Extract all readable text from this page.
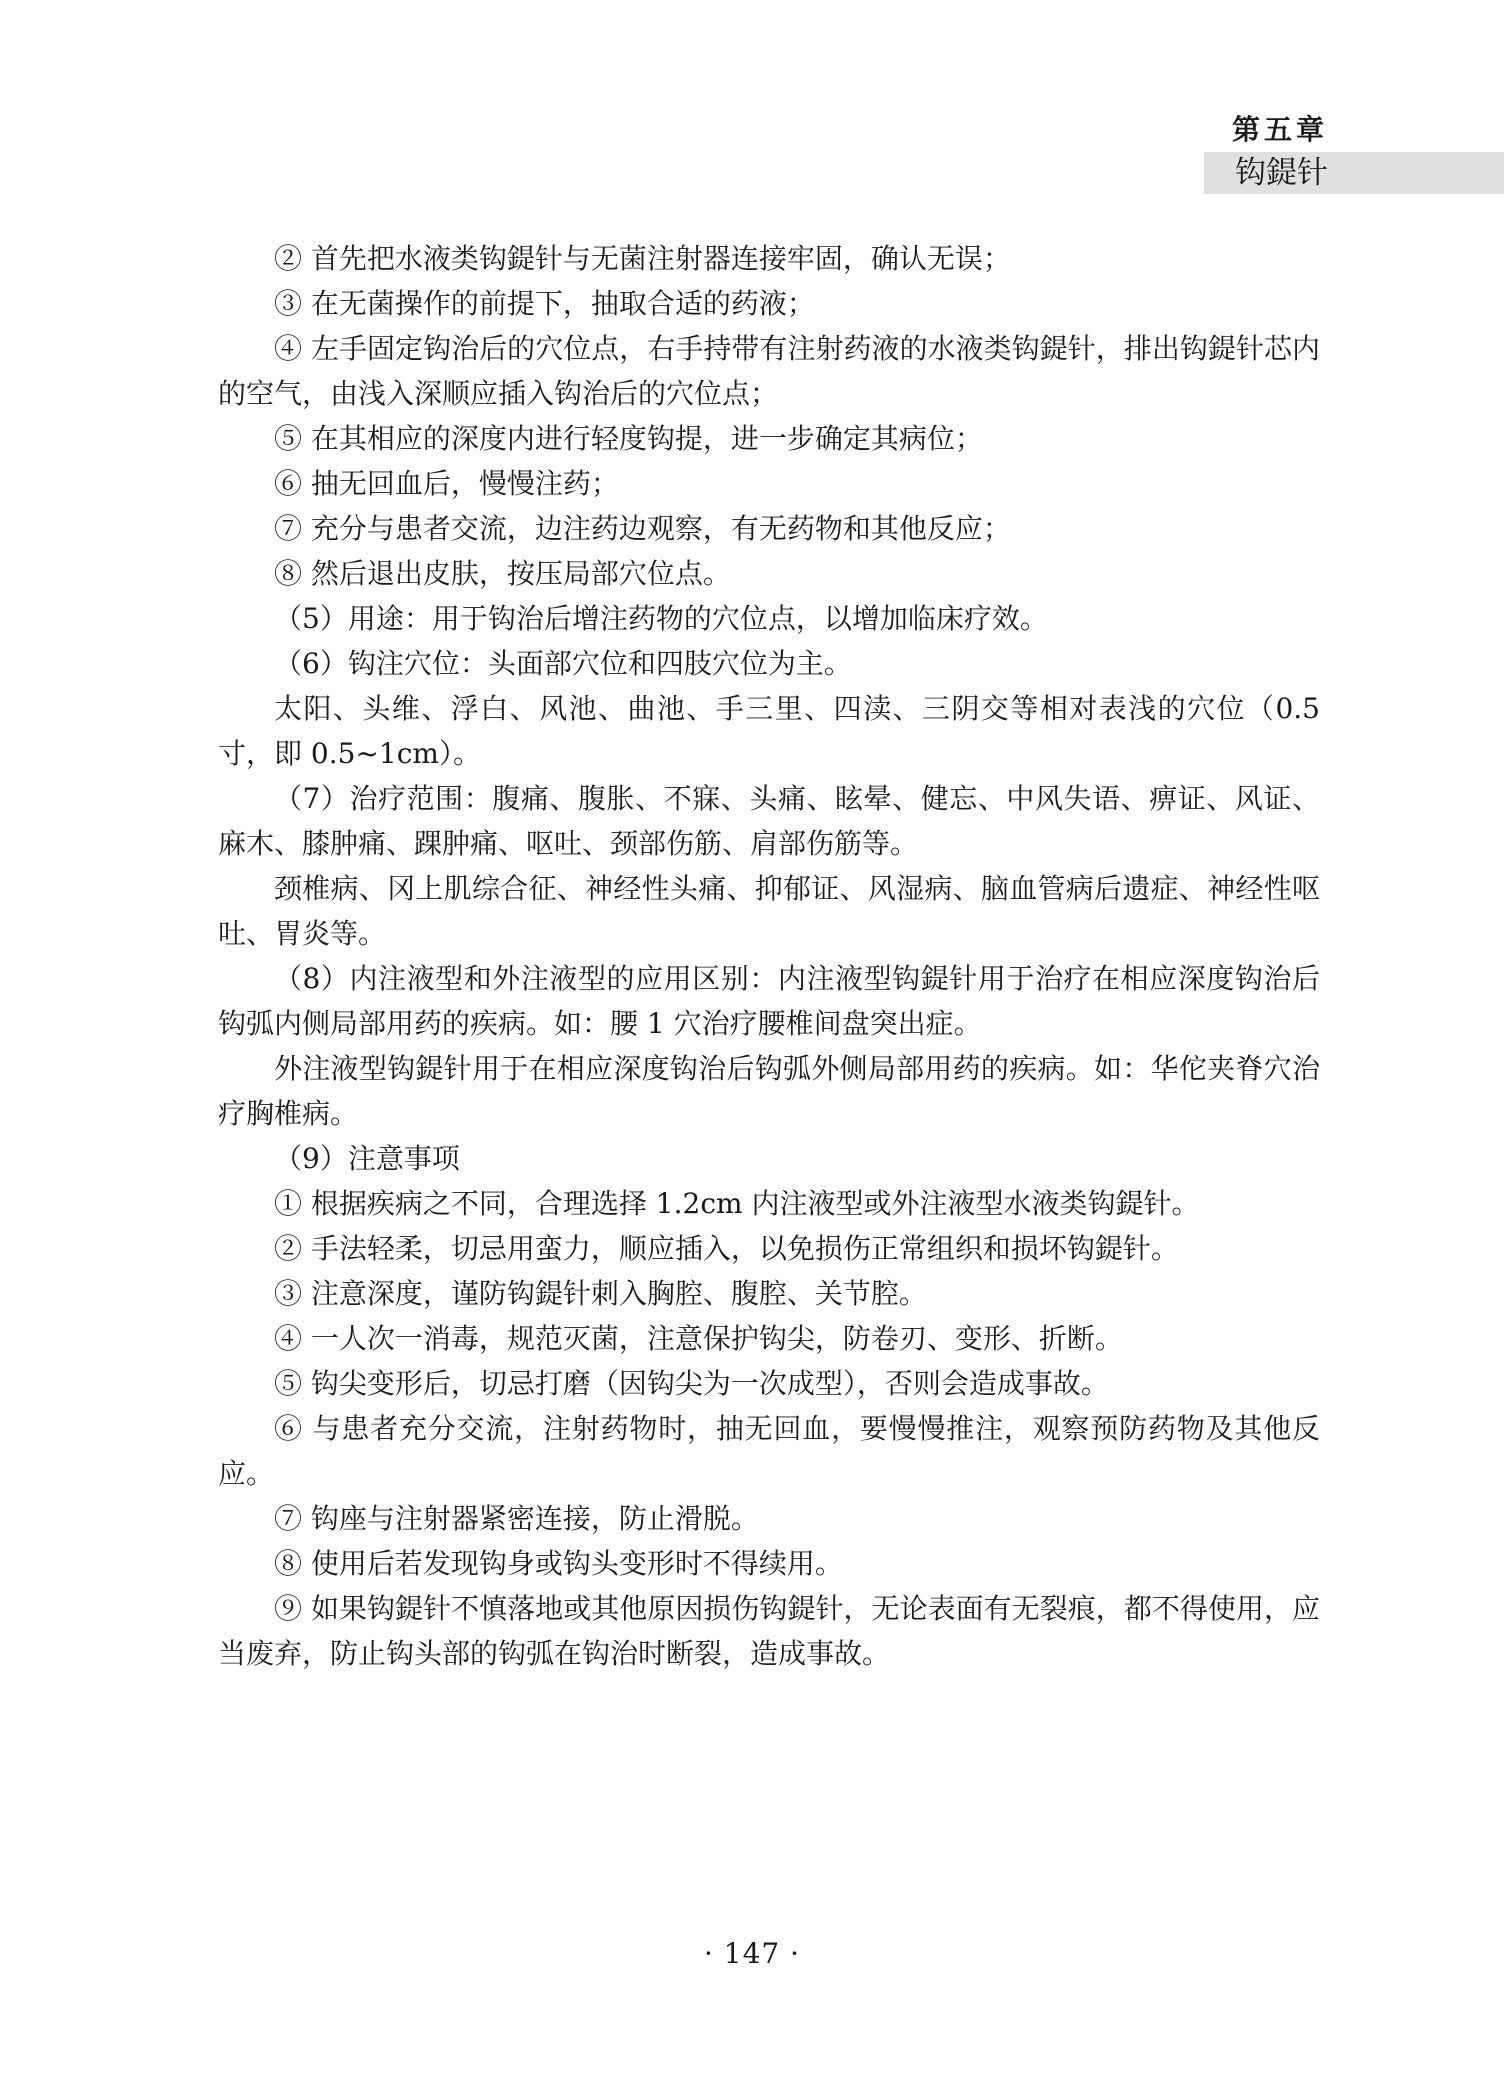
第五章
钩鍉针

② 首先把水液类钩鍉针与无菌注射器连接牢固，确认无误；

③ 在无菌操作的前提下，抽取合适的药液；

④ 左手固定钩治后的穴位点，右手持带有注射药液的水液类钩鍉针，排出钩鍉针芯内的空气，由浅入深顺应插入钩治后的穴位点；

⑤ 在其相应的深度内进行轻度钩提，进一步确定其病位；

⑥ 抽无回血后，慢慢注药；

⑦ 充分与患者交流，边注药边观察，有无药物和其他反应；

⑧ 然后退出皮肤，按压局部穴位点。

（5）用途：用于钩治后增注药物的穴位点，以增加临床疗效。

（6）钩注穴位：头面部穴位和四肢穴位为主。

太阳、头维、浮白、风池、曲池、手三里、四渎、三阴交等相对表浅的穴位（0.5寸，即 0.5~1cm）。

（7）治疗范围：腹痛、腹胀、不寐、头痛、眩晕、健忘、中风失语、痹证、风证、麻木、膝肿痛、踝肿痛、呕吐、颈部伤筋、肩部伤筋等。

颈椎病、冈上肌综合征、神经性头痛、抑郁证、风湿病、脑血管病后遗症、神经性呕吐、胃炎等。

（8）内注液型和外注液型的应用区别：内注液型钩鍉针用于治疗在相应深度钩治后钩弧内侧局部用药的疾病。如：腰 1 穴治疗腰椎间盘突出症。

外注液型钩鍉针用于在相应深度钩治后钩弧外侧局部用药的疾病。如：华佗夹脊穴治疗胸椎病。

（9）注意事项

① 根据疾病之不同，合理选择 1.2cm 内注液型或外注液型水液类钩鍉针。

② 手法轻柔，切忌用蛮力，顺应插入，以免损伤正常组织和损坏钩鍉针。

③ 注意深度，谨防钩鍉针刺入胸腔、腹腔、关节腔。

④ 一人次一消毒，规范灭菌，注意保护钩尖，防卷刃、变形、折断。

⑤ 钩尖变形后，切忌打磨（因钩尖为一次成型），否则会造成事故。

⑥ 与患者充分交流，注射药物时，抽无回血，要慢慢推注，观察预防药物及其他反应。

⑦ 钩座与注射器紧密连接，防止滑脱。

⑧ 使用后若发现钩身或钩头变形时不得续用。

⑨ 如果钩鍉针不慎落地或其他原因损伤钩鍉针，无论表面有无裂痕，都不得使用，应当废弃，防止钩头部的钩弧在钩治时断裂，造成事故。

· 147 ·
